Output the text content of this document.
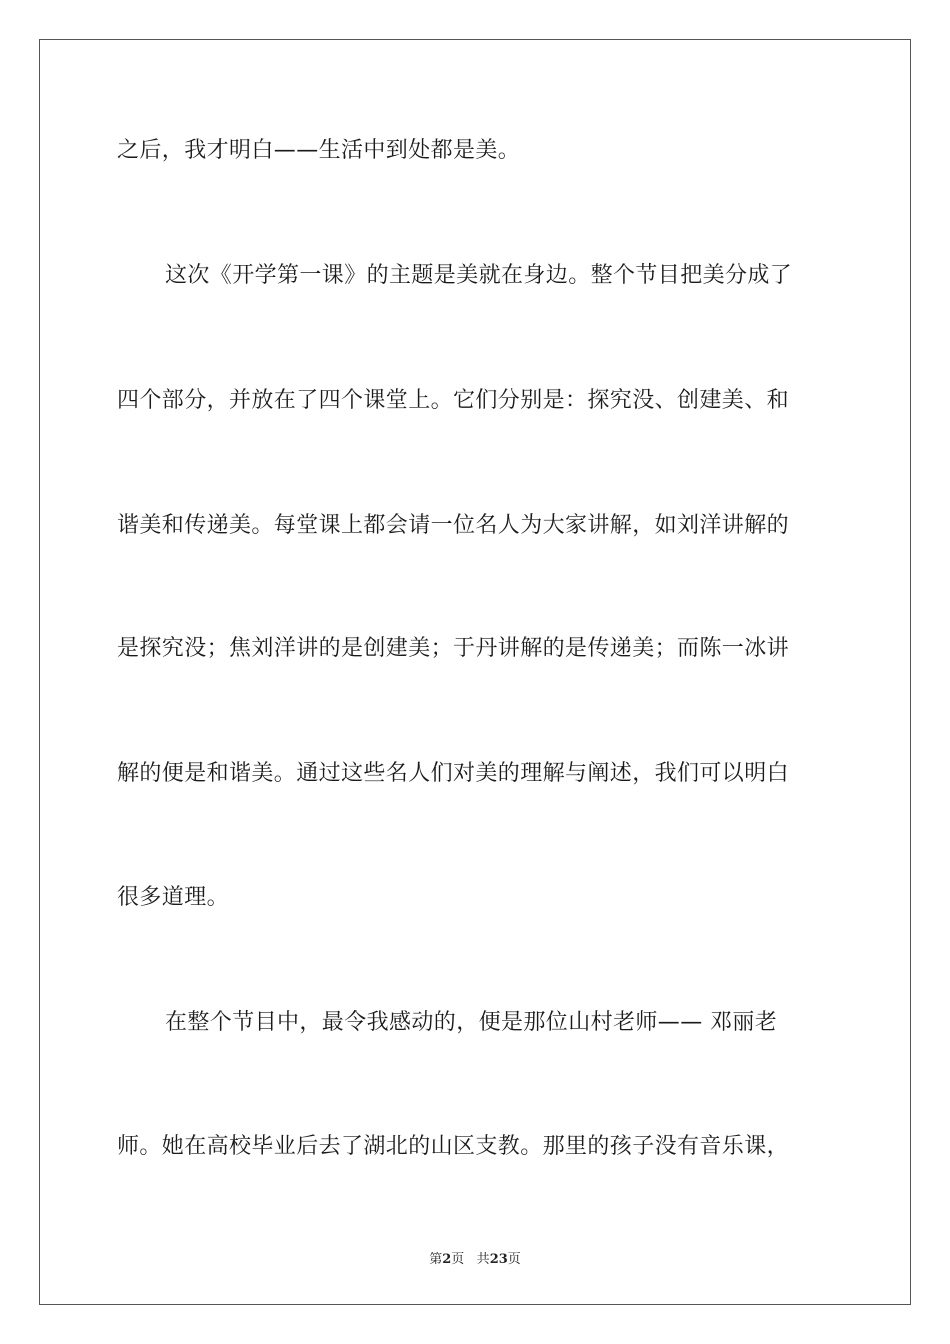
之后，我才明白——生活中到处都是美。
这次《开学第一课》的主题是美就在身边。整个节目把美分成了
四个部分，并放在了四个课堂上。它们分别是：探究没、创建美、和
谐美和传递美。每堂课上都会请一位名人为大家讲解，如刘洋讲解的
是探究没；焦刘洋讲的是创建美；于丹讲解的是传递美；而陈一冰讲
解的便是和谐美。通过这些名人们对美的理解与阐述，我们可以明白
很多道理。
在整个节目中，最令我感动的，便是那位山村老师—— 邓丽老
师。她在高校毕业后去了湖北的山区支教。那里的孩子没有音乐课，
第2页 共23页
